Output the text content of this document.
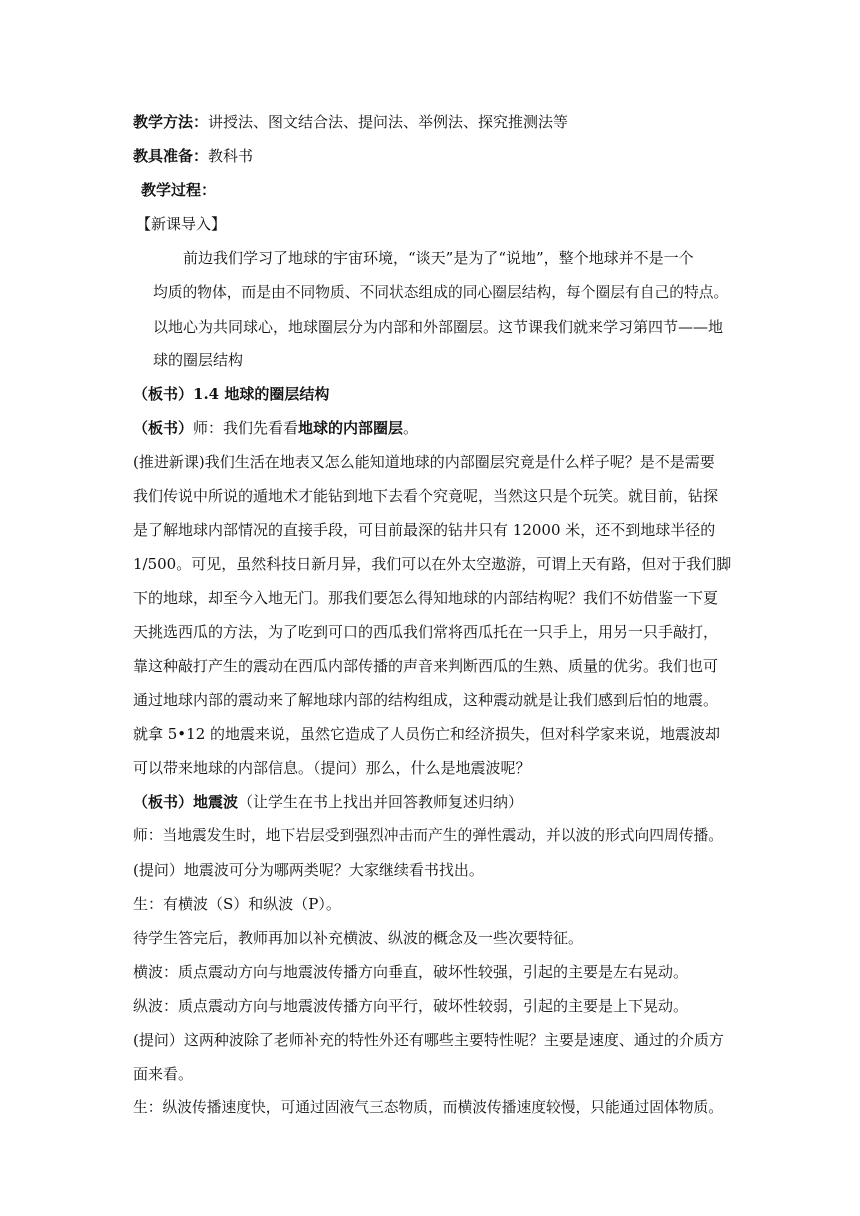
教学方法：讲授法、图文结合法、提问法、举例法、探究推测法等
教具准备：教科书
教学过程：
【新课导入】
前边我们学习了地球的宇宙环境，“谈天”是为了“说地”，整个地球并不是一个
均质的物体，而是由不同物质、不同状态组成的同心圈层结构，每个圈层有自己的特点。
以地心为共同球心，地球圈层分为内部和外部圈层。这节课我们就来学习第四节——地
球的圈层结构
（板书）1.4 地球的圈层结构
（板书）师：我们先看看地球的内部圈层。
(推进新课)我们生活在地表又怎么能知道地球的内部圈层究竟是什么样子呢？是不是需要
我们传说中所说的遁地术才能钻到地下去看个究竟呢，当然这只是个玩笑。就目前，钻探
是了解地球内部情况的直接手段，可目前最深的钻井只有 12000 米，还不到地球半径的
1/500。可见，虽然科技日新月异，我们可以在外太空遨游，可谓上天有路，但对于我们脚
下的地球，却至今入地无门。那我们要怎么得知地球的内部结构呢？我们不妨借鉴一下夏
天挑选西瓜的方法，为了吃到可口的西瓜我们常将西瓜托在一只手上，用另一只手敲打，
靠这种敲打产生的震动在西瓜内部传播的声音来判断西瓜的生熟、质量的优劣。我们也可
通过地球内部的震动来了解地球内部的结构组成，这种震动就是让我们感到后怕的地震。
就拿 5•12 的地震来说，虽然它造成了人员伤亡和经济损失，但对科学家来说，地震波却
可以带来地球的内部信息。（提问）那么，什么是地震波呢？
（板书）地震波（让学生在书上找出并回答教师复述归纳）
师：当地震发生时，地下岩层受到强烈冲击而产生的弹性震动，并以波的形式向四周传播。
(提问）地震波可分为哪两类呢？大家继续看书找出。
生：有横波（S）和纵波（P）。
待学生答完后，教师再加以补充横波、纵波的概念及一些次要特征。
横波：质点震动方向与地震波传播方向垂直，破坏性较强，引起的主要是左右晃动。
纵波：质点震动方向与地震波传播方向平行，破坏性较弱，引起的主要是上下晃动。
(提问）这两种波除了老师补充的特性外还有哪些主要特性呢？主要是速度、通过的介质方
面来看。
生：纵波传播速度快，可通过固液气三态物质，而横波传播速度较慢，只能通过固体物质。
